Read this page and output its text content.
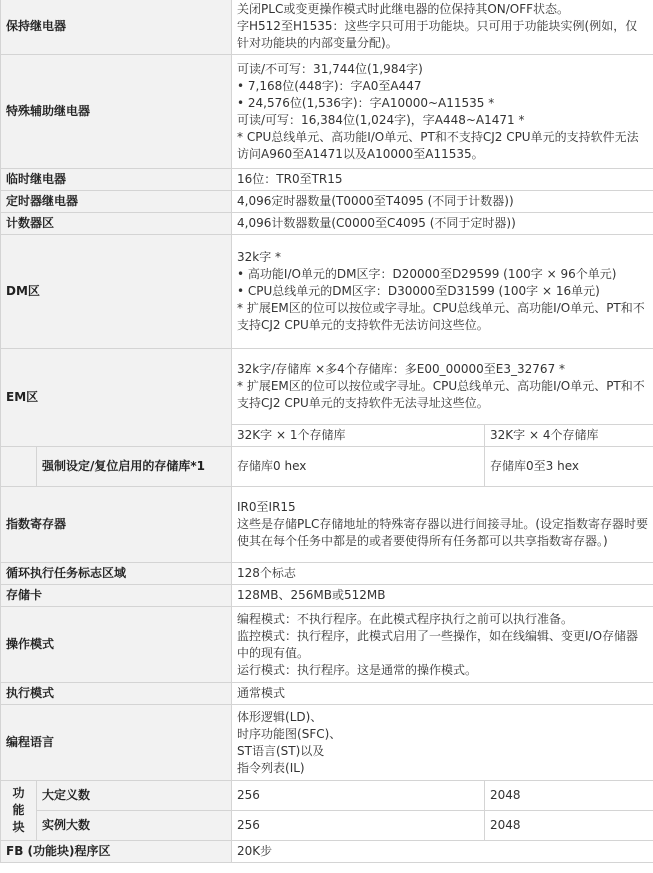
保持继电器		关闭PLC或变更操作模式时此继电器的位保持其ON/OFF状态。
字H512至H1535：这些字只可用于功能块。只可用于功能块实例(例如，仅针对功能块的内部变量分配)。	

特殊辅助继电器		可读/不可写：31,744位(1,984字)
• 7,168位(448字)：字A0至A447
• 24,576位(1,536字)：字A10000~A11535 *
可读/可写：16,384位(1,024字)，字A448~A1471 *
* CPU总线单元、高功能I/O单元、PT和不支持CJ2 CPU单元的支持软件无法访问A960至A1471以及A10000至A11535。	

临时继电器		16位：TR0至TR15	
定时器继电器		4,096定时器数量(T0000至T4095 (不同于计数器))	
计数器区		4,096计数器数量(C0000至C4095 (不同于定时器))	
DM区		32k字 *
• 高功能I/O单元的DM区字：D20000至D29599 (100字 × 96个单元)
• CPU总线单元的DM区字：D30000至D31599 (100字 × 16单元)
* 扩展EM区的位可以按位或字寻址。CPU总线单元、高功能I/O单元、PT和不支持CJ2 CPU单元的支持软件无法访问这些位。	

EM区		32k字/存储库 ×多4个存储库：多E00_00000至E3_32767 *
* 扩展EM区的位可以按位或字寻址。CPU总线单元、高功能I/O单元、PT和不支持CJ2 CPU单元的支持软件无法寻址这些位。	

		32K字 × 1个存储库	32K字 × 4个存储库
	强制设定/复位启用的存储库*1	存储库0 hex	存储库0至3 hex
指数寄存器		IR0至IR15
这些是存储PLC存储地址的特殊寄存器以进行间接寻址。(设定指数寄存器时要使其在每个任务中都是的或者要使得所有任务都可以共享指数寄存器。)	

循环执行任务标志区域		128个标志	
存储卡		128MB、256MB或512MB	
操作模式		编程模式：不执行程序。在此模式程序执行之前可以执行准备。
监控模式：执行程序，此模式启用了一些操作，如在线编辑、变更I/O存储器中的现有值。
运行模式：执行程序。这是通常的操作模式。	

执行模式		通常模式	
编程语言		体形逻辑(LD)、
时序功能图(SFC)、
ST语言(ST)以及
指令列表(IL)	

功
能
块	大定义数	256	2048
	实例大数	256	2048
FB (功能块)程序区		20K步	
